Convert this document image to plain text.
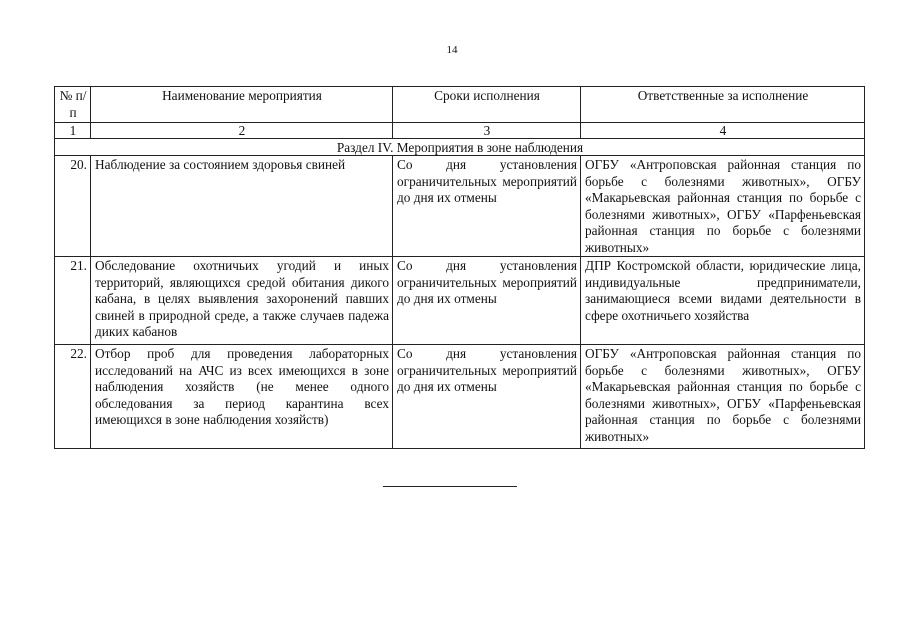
14
№ п/п	Наименование мероприятия	Сроки исполнения	Ответственные за исполнение
1	2	3	4
Раздел IV. Мероприятия в зоне наблюдения			
20.	Наблюдение за состоянием здоровья свиней	Со дня установления ограничительных мероприятий до дня их отмены	ОГБУ «Антроповская районная станция по борьбе с болезнями животных», ОГБУ «Макарьевская районная станция по борьбе с болезнями животных», ОГБУ «Парфеньевская районная станция по борьбе с болезнями животных»
21.	Обследование охотничьих угодий и иных территорий, являющихся средой обитания дикого кабана, в целях выявления захоронений павших свиней в природной среде, а также случаев падежа диких кабанов	Со дня установления ограничительных мероприятий до дня их отмены	ДПР Костромской области, юридические лица, индивидуальные предприниматели, занимающиеся всеми видами деятельности в сфере охотничьего хозяйства
22.	Отбор проб для проведения лабораторных исследований на АЧС из всех имеющихся в зоне наблюдения хозяйств (не менее одного обследования за период карантина всех имеющихся в зоне наблюдения хозяйств)	Со дня установления ограничительных мероприятий до дня их отмены	ОГБУ «Антроповская районная станция по борьбе с болезнями животных», ОГБУ «Макарьевская районная станция по борьбе с болезнями животных», ОГБУ «Парфеньевская районная станция по борьбе с болезнями животных»
